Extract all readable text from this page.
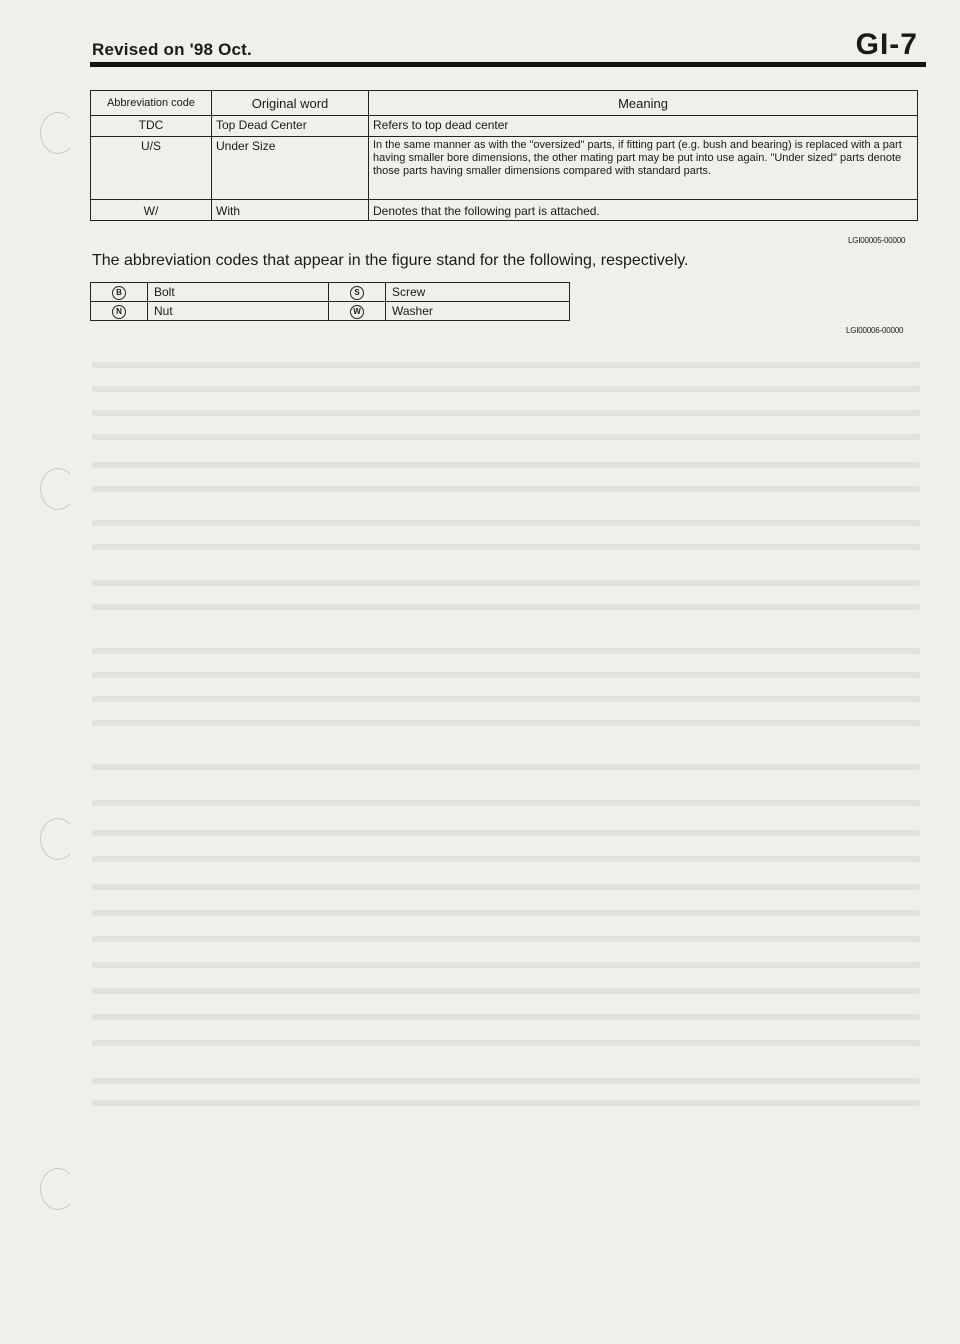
Revised on '98 Oct.	GI-7
Abbreviation code	Original word	Meaning
TDC	Top Dead Center	Refers to top dead center
U/S	Under Size	In the same manner as with the "oversized" parts, if fitting part (e.g. bush and bearing) is replaced with a part having smaller bore dimensions, the other mating part may be put into use again. "Under sized" parts denote those parts having smaller dimensions compared with standard parts.
W/	With	Denotes that the following part is attached.
LGI00005-00000
The abbreviation codes that appear in the figure stand for the following, respectively.
B	Bolt	S	Screw
N	Nut	W	Washer
LGI00006-00000
